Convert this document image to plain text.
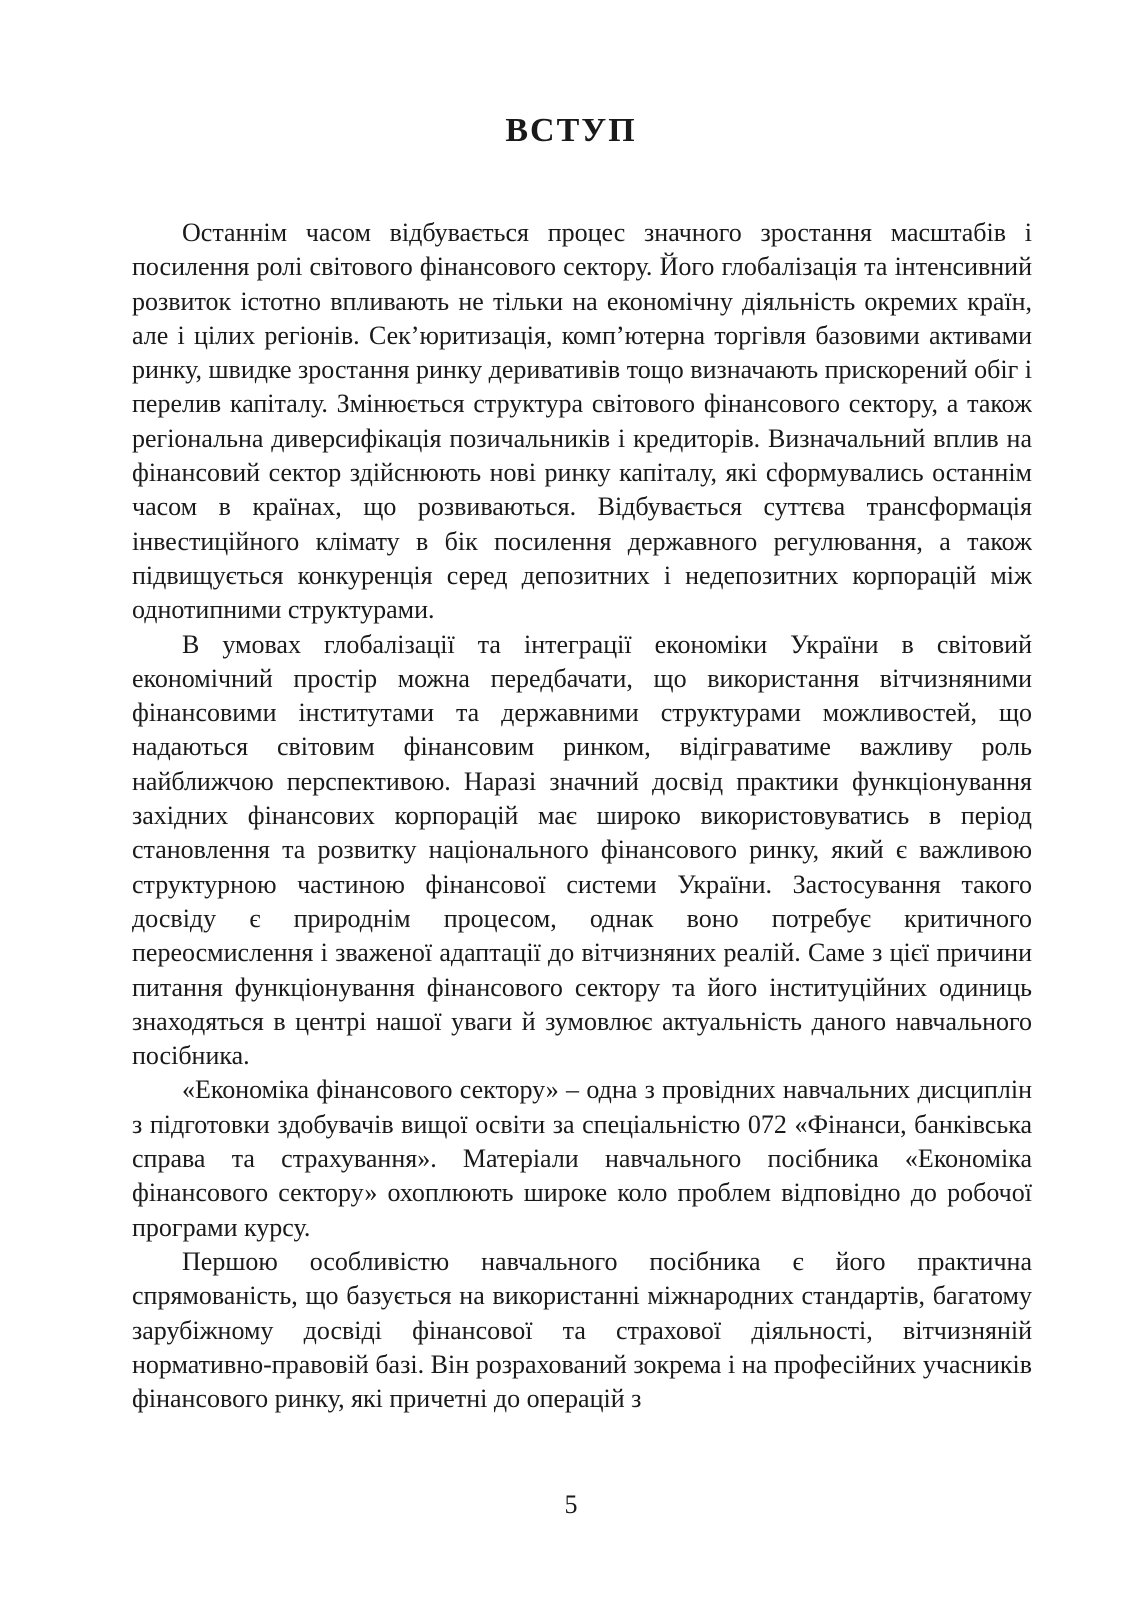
ВСТУП

Останнім часом відбувається процес значного зростання масштабів і посилення ролі світового фінансового сектору. Його глобалізація та інтенсивний розвиток істотно впливають не тільки на економічну діяльність окремих країн, але і цілих регіонів. Сек’юритизація, комп’ютерна торгівля базовими активами ринку, швидке зростання ринку деривативів тощо визначають прискорений обіг і перелив капіталу. Змінюється структура світового фінансового сектору, а також регіональна диверсифікація позичальників і кредиторів. Визначальний вплив на фінансовий сектор здійснюють нові ринку капіталу, які сформувались останнім часом в країнах, що розвиваються. Відбувається суттєва трансформація інвестиційного клімату в бік посилення державного регулювання, а також підвищується конкуренція серед депозитних і недепозитних корпорацій між однотипними структурами.

В умовах глобалізації та інтеграції економіки України в світовий економічний простір можна передбачати, що використання вітчизняними фінансовими інститутами та державними структурами можливостей, що надаються світовим фінансовим ринком, відіграватиме важливу роль найближчою перспективою. Наразі значний досвід практики функціонування західних фінансових корпорацій має широко використовуватись в період становлення та розвитку національного фінансового ринку, який є важливою структурною частиною фінансової системи України. Застосування такого досвіду є природнім процесом, однак воно потребує критичного переосмислення і зваженої адаптації до вітчизняних реалій. Саме з цієї причини питання функціонування фінансового сектору та його інституційних одиниць знаходяться в центрі нашої уваги й зумовлює актуальність даного навчального посібника.

«Економіка фінансового сектору» – одна з провідних навчальних дисциплін з підготовки здобувачів вищої освіти за спеціальністю 072 «Фінанси, банківська справа та страхування». Матеріали навчального посібника «Економіка фінансового сектору» охоплюють широке коло проблем відповідно до робочої програми курсу.

Першою особливістю навчального посібника є його практична спрямованість, що базується на використанні міжнародних стандартів, багатому зарубіжному досвіді фінансової та страхової діяльності, вітчизняній нормативно-правовій базі. Він розрахований зокрема і на професійних учасників фінансового ринку, які причетні до операцій з

5
